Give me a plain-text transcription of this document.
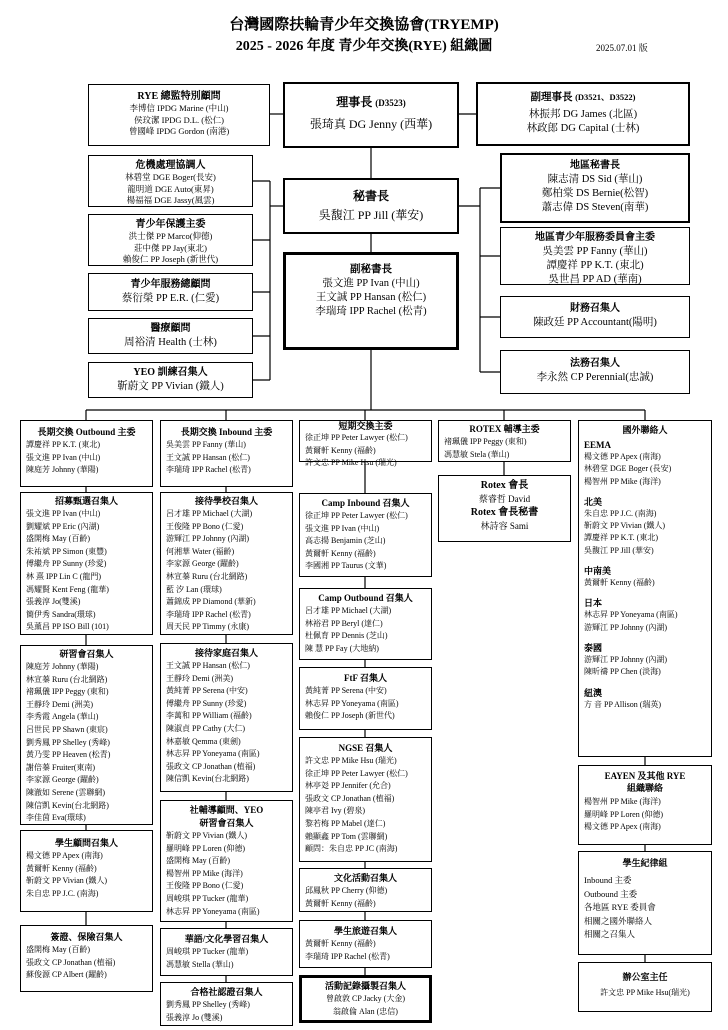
台灣國際扶輪青少年交換協會(TRYEMP)
2025 - 2026 年度 青少年交換(RYE) 組織圖	2025.07.01 版
RYE 總監特別顧問
李博信 IPDG Marine (中山)
侯玟潔 IPDG D.L. (松仁)
曾國峰 IPDG Gordon (南港)
理事長 (D3523)
張琦真 DG Jenny (西華)
副理事長 (D3521、D3522)
林振邦 DG James (北區)
林政郎 DG Capital (士林)
危機處理協調人
林碧堂 DGE Boger(長安)
龍明道 DGE Auto(東昇)
楊福福 DGE Jassy(風雲)
青少年保護主委
洪士傑 PP Marco(仰德)
莊中傑 PP Jay(東北)
賴俊仁 PP Joseph (新世代)
青少年服務總顧問
蔡衍榮 PP E.R. (仁愛)
醫療顧問
周裕清 Health (士林)
YEO 訓練召集人
靳蔚文 PP Vivian (鐵人)
秘書長
吳馥江 PP Jill (華安)
副秘書長
張文進 PP Ivan (中山)
王文誠 PP Hansan (松仁)
李瑞琦 IPP Rachel (松青)
地區秘書長
陳志清 DS Sid (華山)
鄭柏棠 DS Bernie(松智)
蕭志偉 DS Steven(南華)
地區青少年服務委員會主委
吳美雲 PP Fanny (華山)
譚慶祥 PP K.T. (東北)
吳世昌 PP AD (華南)
財務召集人
陳政廷 PP Accountant(陽明)
法務召集人
李永然 CP Perennial(忠誠)
長期交換 Outbound 主委
譚慶祥 PP K.T. (東北)
張文進 PP Ivan (中山)
陳庭芳 Johnny (華陽)
招募甄選召集人
張文進 PP Ivan (中山)
劉耀斌 PP Eric (內湖)
盛開梅 May (百齡)
朱祐斌 PP Simon (東豐)
傅繼舟 PP Sunny (珍愛)
林 熹 IPP Lin C (龍門)
馮耀賢 Kent Feng (龍華)
張義淳 Jo(雙溪)
簡伊秀 Sandra(環球)
吳薰昌 PP ISO Bill (101)
研習會召集人
陳庭芳 Johnny (華陽)
林宣蓁 Ruru (台北網路)
褚珮儀 IPP Peggy (東和)
王靜玲 Demi (洲美)
李秀霞 Angela (華山)
呂世民 PP Shawn (東宸)
劉秀鳳 PP Shelley (秀峰)
黃乃雯 PP Heaven (松青)
謝倍蓁 Fruiter(東南)
李家源 George (躍齡)
陳澈如 Serene (雲聯網)
陳信凱 Kevin(台北網路)
李佳茵 Eva(環球)
學生顧問召集人
楊文德 PP Apex (南海)
黃爾軒 Kenny (福齡)
靳蔚文 PP Vivian (鐵人)
朱自忠 PP J.C. (南海)
簽證、保險召集人
盛開梅 May (百齡)
張政文 CP Jonathan (植福)
蘇俊源 CP Albert (躍齡)
長期交換 Inbound 主委
吳美雲 PP Fanny (華山)
王文誠 PP Hansan (松仁)
李瑞琦 IPP Rachel (松青)
接待學校召集人
呂才雄 PP Michael (大湖)
王俊隆 PP Bono (仁愛)
游輝江 PP Johnny (內湖)
何湘華 Water (福齡)
李家源 George (躍齡)
林宣蓁 Ruru (台北網路)
藍 汐 Lan (環球)
蕭錦成 PP Diamond (華新)
李瑞琦 IPP Rachel (松青)
周天民 PP Timmy (永康)
接待家庭召集人
王文誠 PP Hansan (松仁)
王靜玲 Demi (洲美)
黃純菁 PP Serena (中安)
傅繼舟 PP Sunny (珍愛)
李萬和 PP William (福齡)
陳淑貞 PP Cathy (大仁)
林嘉敏 Qemma (東劍)
林志昇 PP Yoneyama (南區)
張政文 CP Jonathan (植福)
陳信凱 Kevin(台北網路)
社輔導顧問、YEO
研習會召集人
靳蔚文 PP Vivian (鐵人)
羅明峰 PP Loren (仰德)
盛開梅 May (百齡)
楊智州 PP Mike (海洋)
王俊隆 PP Bono (仁愛)
周峻琪 PP Tucker (龍華)
林志昇 PP Yoneyama (南區)
華語/文化學習召集人
周峻琪 PP Tucker (龍華)
馮慧敏 Stella (華山)
合格社認證召集人
劉秀鳳 PP Shelley (秀峰)
張義淳 Jo (雙溪)
短期交換主委
徐正坤 PP Peter Lawyer (松仁)
黃爾軒 Kenny (福齡)
許文忠 PP Mike Hsu (瑞光)
Camp Inbound 召集人
徐正坤 PP Peter Lawyer (松仁)
張文進 PP Ivan (中山)
高志揚 Benjamin (芝山)
黃爾軒 Kenny (福齡)
李國湘 PP Taurus (文華)
Camp Outbound 召集人
呂才雄 PP Michael (大湖)
林裕君 PP Beryl (達仁)
杜佩育 PP Dennis (芝山)
陳 慧 PP Fay (大地納)
FtF 召集人
黃純菁 PP Serena (中安)
林志昇 PP Yoneyama (南區)
賴俊仁 PP Joseph (新世代)
NGSE 召集人
許文忠 PP Mike Hsu (瑞光)
徐正坤 PP Peter Lawyer (松仁)
林亭彣 PP Jennifer (允合)
張政文 CP Jonathan (植福)
陳亭君 Ivy (碧泉)
黎若梅 PP Mabel (達仁)
賴顯鑫 PP Tom (雲聯網)
顧問：朱自忠 PP JC (南海)
文化活動召集人
邱鳳秋 PP Cherry (仰德)
黃爾軒 Kenny (福齡)
學生旅遊召集人
黃爾軒 Kenny (福齡)
李瑞琦 IPP Rachel (松青)
活動記錄攝製召集人
曾啟敦 CP Jacky (大金)
翁啟倫 Alan (忠信)
ROTEX 輔導主委
褚珮儀 IPP Peggy (東和)
馮慧敏 Stela (華山)
Rotex 會長
蔡睿哲 David
Rotex 會長秘書
林詩容 Sami
國外聯絡人
EEMA
楊文德 PP Apex (南海)
林碧堂 DGE Boger (長安)
楊智州 PP Mike (海洋)
北美
朱自忠 PP J.C. (南海)
靳蔚文 PP Vivian (鐵人)
譚慶祥 PP K.T. (東北)
吳馥江 PP Jill (華安)
中南美
黃爾軒 Kenny (福齡)
日本
林志昇 PP Yoneyama (南區)
游輝江 PP Johnny (內湖)
泰國
游輝江 PP Johnny (內湖)
陳昕禱 PP Chen (淡海)
紐澳
方 音 PP Allison (瑞英)
EAYEN 及其他 RYE
組織聯絡
楊智州 PP Mike (海洋)
羅明峰 PP Loren (仰德)
楊文德 PP Apex (南海)
學生紀律組
Inbound 主委
Outbound 主委
各地區 RYE 委員會
相關之國外聯絡人
相關之召集人
辦公室主任
許文忠 PP Mike Hsu(瑞光)
